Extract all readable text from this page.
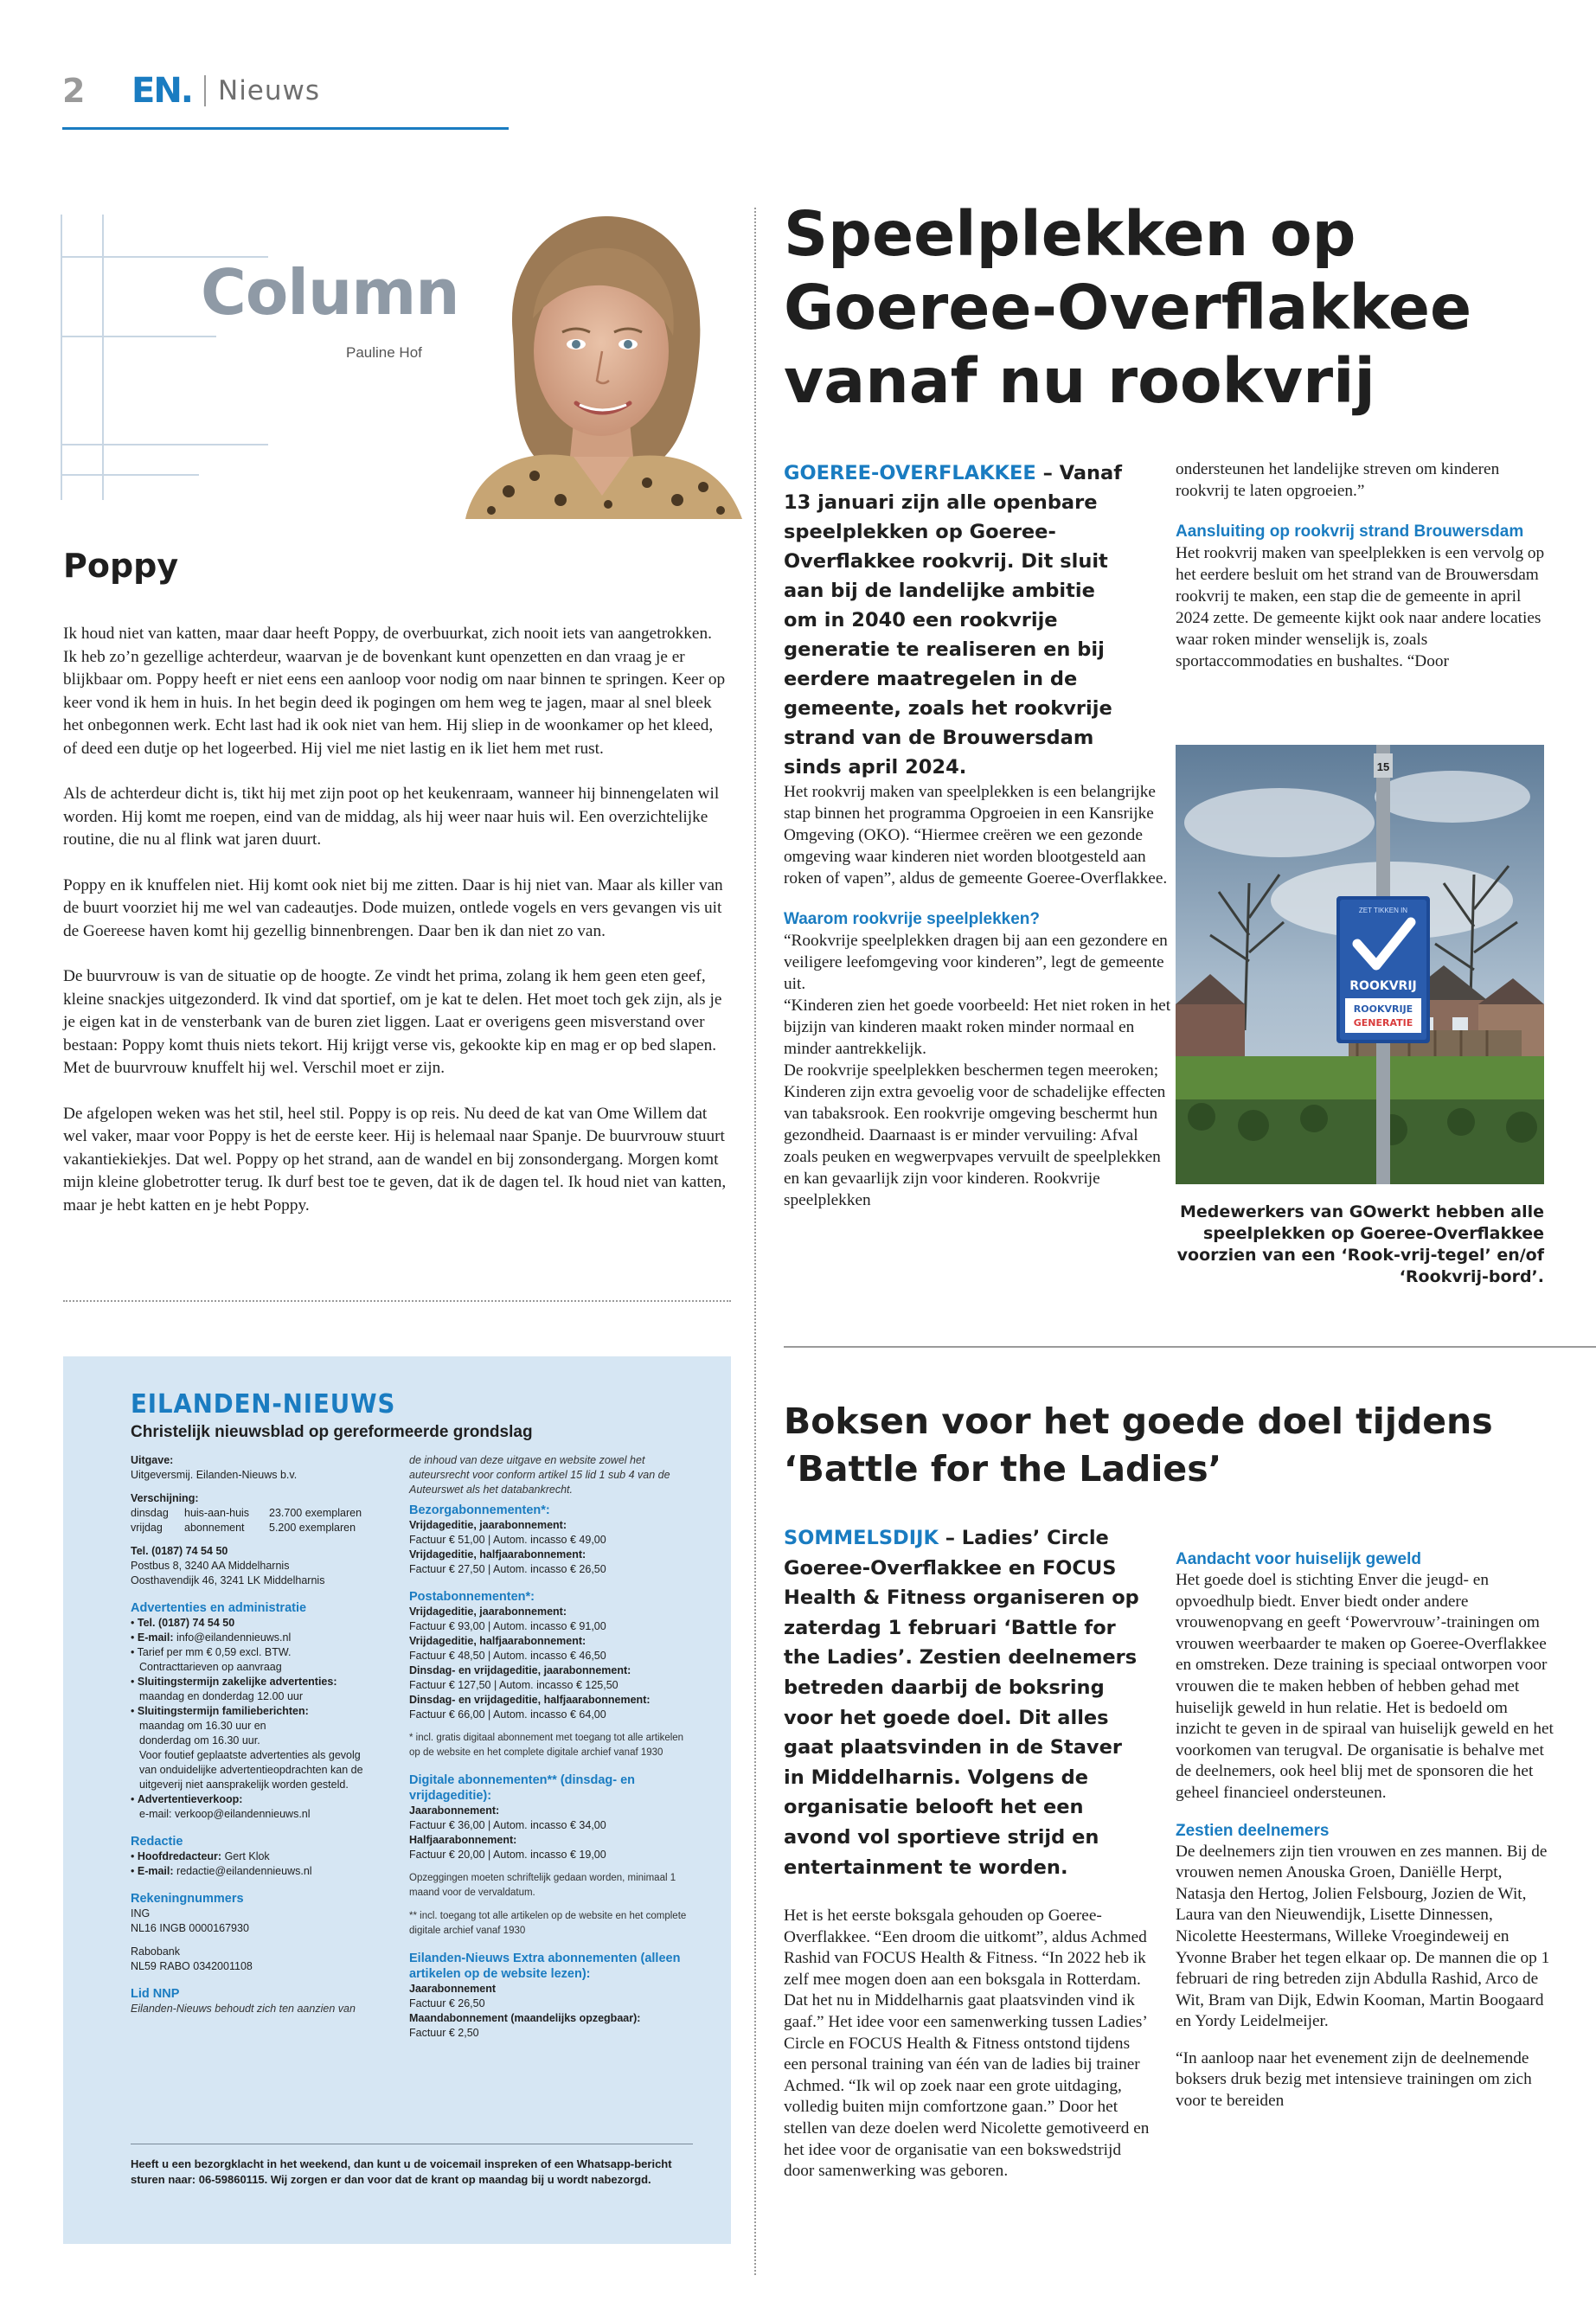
2	EN. Nieuws
Column
Pauline Hof
Poppy

Ik houd niet van katten, maar daar heeft Poppy, de overbuurkat, zich nooit iets van aangetrokken. Ik heb zo’n gezellige achterdeur, waarvan je de bovenkant kunt openzetten en dan vraag je er blijkbaar om. Poppy heeft er niet eens een aanloop voor nodig om naar binnen te springen. Keer op keer vond ik hem in huis. In het begin deed ik pogingen om hem weg te jagen, maar al snel bleek het onbegonnen werk. Echt last had ik ook niet van hem. Hij sliep in de woonkamer op het kleed, of deed een dutje op het logeerbed. Hij viel me niet lastig en ik liet hem met rust.

Als de achterdeur dicht is, tikt hij met zijn poot op het keukenraam, wanneer hij binnengelaten wil worden. Hij komt me roepen, eind van de middag, als hij weer naar huis wil. Een overzichtelijke routine, die nu al flink wat jaren duurt.

Poppy en ik knuffelen niet. Hij komt ook niet bij me zitten. Daar is hij niet van. Maar als killer van de buurt voorziet hij me wel van cadeautjes. Dode muizen, ontlede vogels en vers gevangen vis uit de Goereese haven komt hij gezellig binnenbrengen. Daar ben ik dan niet zo van.

De buurvrouw is van de situatie op de hoogte. Ze vindt het prima, zolang ik hem geen eten geef, kleine snackjes uitgezonderd. Ik vind dat sportief, om je kat te delen. Het moet toch gek zijn, als je je eigen kat in de vensterbank van de buren ziet liggen. Laat er overigens geen misverstand over bestaan: Poppy komt thuis niets tekort. Hij krijgt verse vis, gekookte kip en mag er op bed slapen. Met de buurvrouw knuffelt hij wel. Verschil moet er zijn.

De afgelopen weken was het stil, heel stil. Poppy is op reis. Nu deed de kat van Ome Willem dat wel vaker, maar voor Poppy is het de eerste keer. Hij is helemaal naar Spanje. De buurvrouw stuurt vakantiekiekjes. Dat wel. Poppy op het strand, aan de wandel en bij zonsondergang. Morgen komt mijn kleine globetrotter terug. Ik durf best toe te geven, dat ik de dagen tel. Ik houd niet van katten, maar je hebt katten en je hebt Poppy.

EILANDEN-NIEUWS
Christelijk nieuwsblad op gereformeerde grondslag
Uitgave:
Uitgeversmij. Eilanden-Nieuws b.v.
Verschijning:
dinsdag	huis-aan-huis	23.700 exemplaren
vrijdag	abonnement	5.200 exemplaren
Tel. (0187) 74 54 50
Postbus 8, 3240 AA Middelharnis
Oosthavendijk 46, 3241 LK Middelharnis
Advertenties en administratie
• Tel. (0187) 74 54 50
• E-mail: info@eilandennieuws.nl
• Tarief per mm € 0,59 excl. BTW.
Contracttarieven op aanvraag
• Sluitingstermijn zakelijke advertenties:
maandag en donderdag 12.00 uur
• Sluitingstermijn familieberichten:
maandag om 16.30 uur en donderdag om 16.30 uur.
Voor foutief geplaatste advertenties als gevolg van onduidelijke advertentieopdrachten kan de uitgeverij niet aansprakelijk worden gesteld.
• Advertentieverkoop:
e-mail: verkoop@eilandennieuws.nl
Redactie
• Hoofdredacteur: Gert Klok
• E-mail: redactie@eilandennieuws.nl
Rekeningnummers
ING
NL16 INGB 0000167930
Rabobank
NL59 RABO 0342001108
Lid NNP
Eilanden-Nieuws behoudt zich ten aanzien van
de inhoud van deze uitgave en website zowel het auteursrecht voor conform artikel 15 lid 1 sub 4 van de Auteurswet als het databankrecht.
Bezorgabonnementen*:
Vrijdageditie, jaarabonnement:
Factuur € 51,00 | Autom. incasso € 49,00
Vrijdageditie, halfjaarabonnement:
Factuur € 27,50 | Autom. incasso € 26,50
Postabonnementen*:
Vrijdageditie, jaarabonnement:
Factuur € 93,00 | Autom. incasso € 91,00
Vrijdageditie, halfjaarabonnement:
Factuur € 48,50 | Autom. incasso € 46,50
Dinsdag- en vrijdageditie, jaarabonnement:
Factuur € 127,50 | Autom. incasso € 125,50
Dinsdag- en vrijdageditie, halfjaarabonnement:
Factuur € 66,00 | Autom. incasso € 64,00
* incl. gratis digitaal abonnement met toegang tot alle artikelen op de website en het complete digitale archief vanaf 1930
Digitale abonnementen** (dinsdag- en vrijdageditie):
Jaarabonnement:
Factuur € 36,00 | Autom. incasso € 34,00
Halfjaarabonnement:
Factuur € 20,00 | Autom. incasso € 19,00
Opzeggingen moeten schriftelijk gedaan worden, minimaal 1 maand voor de vervaldatum.
** incl. toegang tot alle artikelen op de website en het complete digitale archief vanaf 1930
Eilanden-Nieuws Extra abonnementen (alleen artikelen op de website lezen):
Jaarabonnement
Factuur € 26,50
Maandabonnement (maandelijks opzegbaar):
Factuur € 2,50
Heeft u een bezorgklacht in het weekend, dan kunt u de voicemail inspreken of een Whatsapp-bericht sturen naar: 06-59860115. Wij zorgen er dan voor dat de krant op maandag bij u wordt nabezorgd.
Speelplekken op Goeree-Overflakkee vanaf nu rookvrij
GOEREE-OVERFLAKKEE – Vanaf 13 januari zijn alle openbare speelplekken op Goeree-Overflakkee rookvrij. Dit sluit aan bij de landelijke ambitie om in 2040 een rookvrije generatie te realiseren en bij eerdere maatregelen in de gemeente, zoals het rookvrije strand van de Brouwersdam sinds april 2024.
Het rookvrij maken van speelplekken is een belangrijke stap binnen het programma Opgroeien in een Kansrijke Omgeving (OKO). “Hiermee creëren we een gezonde omgeving waar kinderen niet worden blootgesteld aan roken of vapen”, aldus de gemeente Goeree-Overflakkee.
Waarom rookvrije speelplekken?
“Rookvrije speelplekken dragen bij aan een gezondere en veiligere leefomgeving voor kinderen”, legt de gemeente uit.
“Kinderen zien het goede voorbeeld: Het niet roken in het bijzijn van kinderen maakt roken minder normaal en minder aantrekkelijk.
De rookvrije speelplekken beschermen tegen meeroken; Kinderen zijn extra gevoelig voor de schadelijke effecten van tabaksrook. Een rookvrije omgeving beschermt hun gezondheid. Daarnaast is er minder vervuiling: Afval zoals peuken en wegwerpvapes vervuilt de speelplekken en kan gevaarlijk zijn voor kinderen. Rookvrije speelplekken
ondersteunen het landelijke streven om kinderen rookvrij te laten opgroeien.”
Aansluiting op rookvrij strand Brouwersdam
Het rookvrij maken van speelplekken is een vervolg op het eerdere besluit om het strand van de Brouwersdam rookvrij te maken, een stap die de gemeente in april 2024 zette. De gemeente kijkt ook naar andere locaties waar roken minder wenselijk is, zoals sportaccommodaties en bushaltes. “Door
15
ZET TIKKEN IN
ROOKVRIJ
ROOKVRIJE
GENERATIE
Medewerkers van GOwerkt hebben alle speelplekken op Goeree-Overflakkee voorzien van een ‘Rook-vrij-tegel’ en/of ‘Rookvrij-bord’.
Boksen voor het goede doel tijdens ‘Battle for the Ladies’
SOMMELSDIJK – Ladies’ Circle Goeree-Overflakkee en FOCUS Health & Fitness organiseren op zaterdag 1 februari ‘Battle for the Ladies’. Zestien deelnemers betreden daarbij de boksring voor het goede doel. Dit alles gaat plaatsvinden in de Staver in Middelharnis. Volgens de organisatie belooft het een avond vol sportieve strijd en entertainment te worden.
Het is het eerste boksgala gehouden op Goeree-Overflakkee. “Een droom die uitkomt”, aldus Achmed Rashid van FOCUS Health & Fitness. “In 2022 heb ik zelf mee mogen doen aan een boksgala in Rotterdam. Dat het nu in Middelharnis gaat plaatsvinden vind ik gaaf.” Het idee voor een samenwerking tussen Ladies’ Circle en FOCUS Health & Fitness ontstond tijdens een personal training van één van de ladies bij trainer Achmed. “Ik wil op zoek naar een grote uitdaging, volledig buiten mijn comfortzone gaan.” Door het stellen van deze doelen werd Nicolette gemotiveerd en het idee voor de organisatie van een bokswedstrijd door samenwerking was geboren.
Aandacht voor huiselijk geweld

Het goede doel is stichting Enver die jeugd- en opvoedhulp biedt. Enver biedt onder andere vrouwenopvang en geeft ‘Powervrouw’-trainingen om vrouwen weerbaarder te maken op Goeree-Overflakkee en omstreken. Deze training is speciaal ontworpen voor vrouwen die te maken hebben of hebben gehad met huiselijk geweld in hun relatie. Het is bedoeld om inzicht te geven in de spiraal van huiselijk geweld en het voorkomen van terugval. De organisatie is behalve met de deelnemers, ook heel blij met de sponsoren die het geheel financieel ondersteunen.

Zestien deelnemers

De deelnemers zijn tien vrouwen en zes mannen. Bij de vrouwen nemen Anouska Groen, Daniëlle Herpt, Natasja den Hertog, Jolien Felsbourg, Jozien de Wit, Laura van den Nieuwendijk, Lisette Dinnessen, Nicolette Heestermans, Willeke Vroegindeweij en Yvonne Braber het tegen elkaar op. De mannen die op 1 februari de ring betreden zijn Abdulla Rashid, Arco de Wit, Bram van Dijk, Edwin Kooman, Martin Boogaard en Yordy Leidelmeijer.

“In aanloop naar het evenement zijn de deelnemende boksers druk bezig met intensieve trainingen om zich voor te bereiden
